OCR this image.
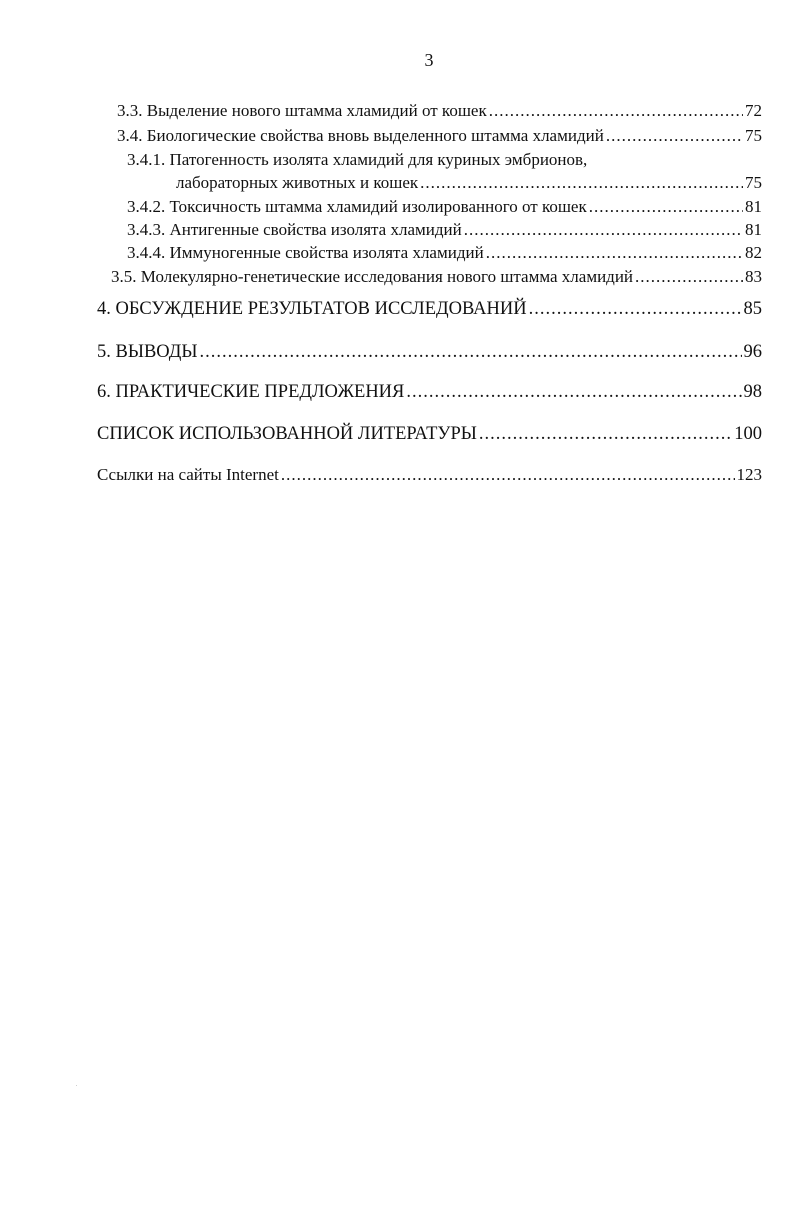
3
3.3. Выделение нового штамма хламидий от кошек .....	72
3.4. Биологические свойства вновь выделенного штамма хламидий .....	75
3.4.1. Патогенность изолята хламидий для куриных эмбрионов,
лабораторных животных и кошек .....	75
3.4.2. Токсичность штамма хламидий изолированного от кошек .....	81
3.4.3. Антигенные свойства изолята хламидий .....	81
3.4.4. Иммуногенные свойства изолята хламидий .....	82
3.5. Молекулярно-генетические исследования нового штамма хламидий .....	83
4. ОБСУЖДЕНИЕ РЕЗУЛЬТАТОВ ИССЛЕДОВАНИЙ .....	85
5. ВЫВОДЫ .....	96
6. ПРАКТИЧЕСКИЕ ПРЕДЛОЖЕНИЯ .....	98
СПИСОК ИСПОЛЬЗОВАННОЙ ЛИТЕРАТУРЫ .....	100
Ссылки на сайты Internet .....	123
